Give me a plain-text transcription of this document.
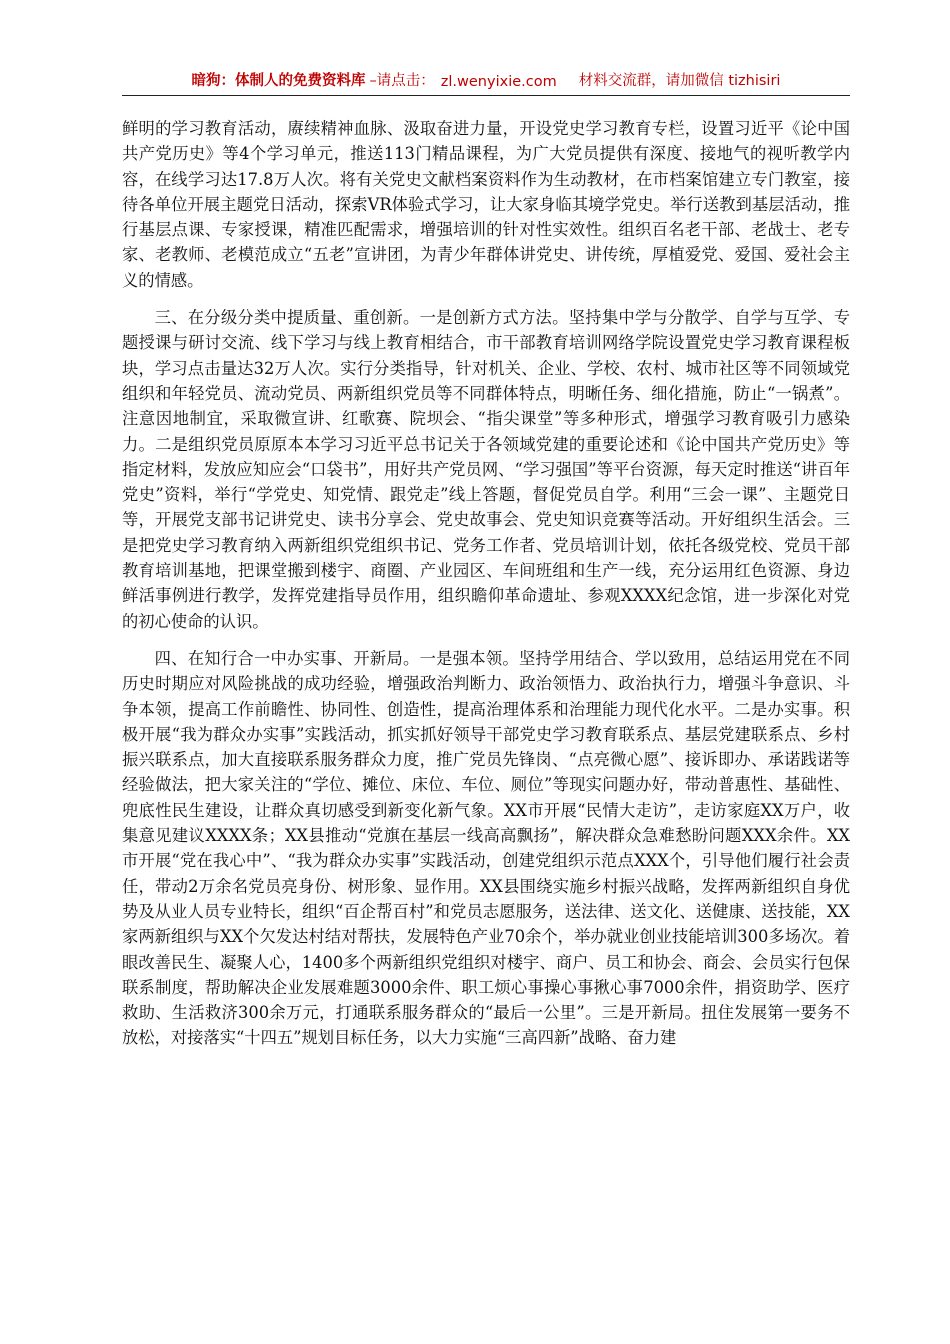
暗狗：体制人的免费资料库 –请点击： zl.wenyixie.com 材料交流群，请加微信 tizhisiri

鲜明的学习教育活动，赓续精神血脉、汲取奋进力量，开设党史学习教育专栏，设置习近平《论中国共产党历史》等4个学习单元，推送113门精品课程，为广大党员提供有深度、接地气的视听教学内容，在线学习达17.8万人次。将有关党史文献档案资料作为生动教材，在市档案馆建立专门教室，接待各单位开展主题党日活动，探索VR体验式学习，让大家身临其境学党史。举行送教到基层活动，推行基层点课、专家授课，精准匹配需求，增强培训的针对性实效性。组织百名老干部、老战士、老专家、老教师、老模范成立“五老”宣讲团，为青少年群体讲党史、讲传统，厚植爱党、爱国、爱社会主义的情感。

三、在分级分类中提质量、重创新。一是创新方式方法。坚持集中学与分散学、自学与互学、专题授课与研讨交流、线下学习与线上教育相结合，市干部教育培训网络学院设置党史学习教育课程板块，学习点击量达32万人次。实行分类指导，针对机关、企业、学校、农村、城市社区等不同领域党组织和年轻党员、流动党员、两新组织党员等不同群体特点，明晰任务、细化措施，防止“一锅煮”。注意因地制宜，采取微宣讲、红歌赛、院坝会、“指尖课堂”等多种形式，增强学习教育吸引力感染力。二是组织党员原原本本学习习近平总书记关于各领域党建的重要论述和《论中国共产党历史》等指定材料，发放应知应会“口袋书”，用好共产党员网、“学习强国”等平台资源，每天定时推送“讲百年党史”资料，举行“学党史、知党情、跟党走”线上答题，督促党员自学。利用“三会一课”、主题党日等，开展党支部书记讲党史、读书分享会、党史故事会、党史知识竞赛等活动。开好组织生活会。三是把党史学习教育纳入两新组织党组织书记、党务工作者、党员培训计划，依托各级党校、党员干部教育培训基地，把课堂搬到楼宇、商圈、产业园区、车间班组和生产一线，充分运用红色资源、身边鲜活事例进行教学，发挥党建指导员作用，组织瞻仰革命遗址、参观XXXX纪念馆，进一步深化对党的初心使命的认识。

四、在知行合一中办实事、开新局。一是强本领。坚持学用结合、学以致用，总结运用党在不同历史时期应对风险挑战的成功经验，增强政治判断力、政治领悟力、政治执行力，增强斗争意识、斗争本领，提高工作前瞻性、协同性、创造性，提高治理体系和治理能力现代化水平。二是办实事。积极开展“我为群众办实事”实践活动，抓实抓好领导干部党史学习教育联系点、基层党建联系点、乡村振兴联系点，加大直接联系服务群众力度，推广党员先锋岗、“点亮微心愿”、接诉即办、承诺践诺等经验做法，把大家关注的“学位、摊位、床位、车位、厕位”等现实问题办好，带动普惠性、基础性、兜底性民生建设，让群众真切感受到新变化新气象。XX市开展“民情大走访”，走访家庭XX万户，收集意见建议XXXX条；XX县推动“党旗在基层一线高高飘扬”，解决群众急难愁盼问题XXX余件。XX市开展“党在我心中”、“我为群众办实事”实践活动，创建党组织示范点XXX个，引导他们履行社会责任，带动2万余名党员亮身份、树形象、显作用。XX县围绕实施乡村振兴战略，发挥两新组织自身优势及从业人员专业特长，组织“百企帮百村”和党员志愿服务，送法律、送文化、送健康、送技能，XX家两新组织与XX个欠发达村结对帮扶，发展特色产业70余个，举办就业创业技能培训300多场次。着眼改善民生、凝聚人心，1400多个两新组织党组织对楼宇、商户、员工和协会、商会、会员实行包保联系制度，帮助解决企业发展难题3000余件、职工烦心事操心事揪心事7000余件，捐资助学、医疗救助、生活救济300余万元，打通联系服务群众的“最后一公里”。三是开新局。扭住发展第一要务不放松，对接落实“十四五”规划目标任务，以大力实施“三高四新”战略、奋力建
